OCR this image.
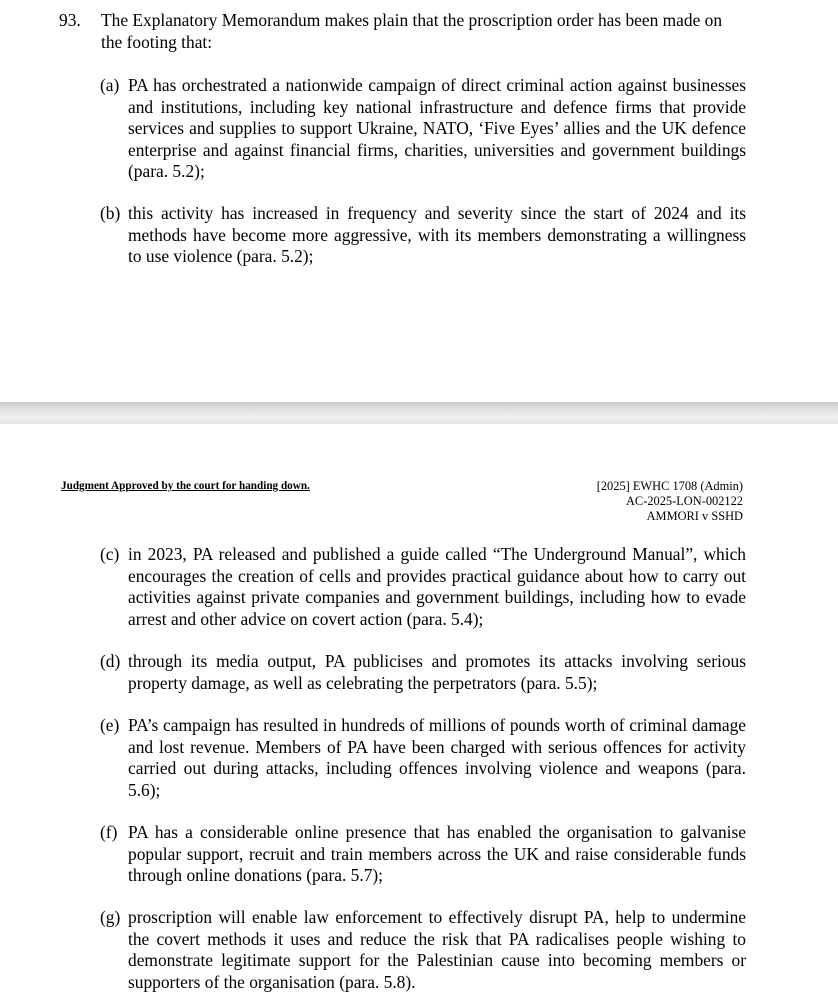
93. The Explanatory Memorandum makes plain that the proscription order has been made on the footing that:
(a) PA has orchestrated a nationwide campaign of direct criminal action against businesses and institutions, including key national infrastructure and defence firms that provide services and supplies to support Ukraine, NATO, ‘Five Eyes’ allies and the UK defence enterprise and against financial firms, charities, universities and government buildings (para. 5.2);
(b) this activity has increased in frequency and severity since the start of 2024 and its methods have become more aggressive, with its members demonstrating a willingness to use violence (para. 5.2);
Judgment Approved by the court for handing down.	[2025] EWHC 1708 (Admin)
AC-2025-LON-002122
AMMORI v SSHD
(c) in 2023, PA released and published a guide called “The Underground Manual”, which encourages the creation of cells and provides practical guidance about how to carry out activities against private companies and government buildings, including how to evade arrest and other advice on covert action (para. 5.4);
(d) through its media output, PA publicises and promotes its attacks involving serious property damage, as well as celebrating the perpetrators (para. 5.5);
(e) PA’s campaign has resulted in hundreds of millions of pounds worth of criminal damage and lost revenue. Members of PA have been charged with serious offences for activity carried out during attacks, including offences involving violence and weapons (para. 5.6);
(f) PA has a considerable online presence that has enabled the organisation to galvanise popular support, recruit and train members across the UK and raise considerable funds through online donations (para. 5.7);
(g) proscription will enable law enforcement to effectively disrupt PA, help to undermine the covert methods it uses and reduce the risk that PA radicalises people wishing to demonstrate legitimate support for the Palestinian cause into becoming members or supporters of the organisation (para. 5.8).
